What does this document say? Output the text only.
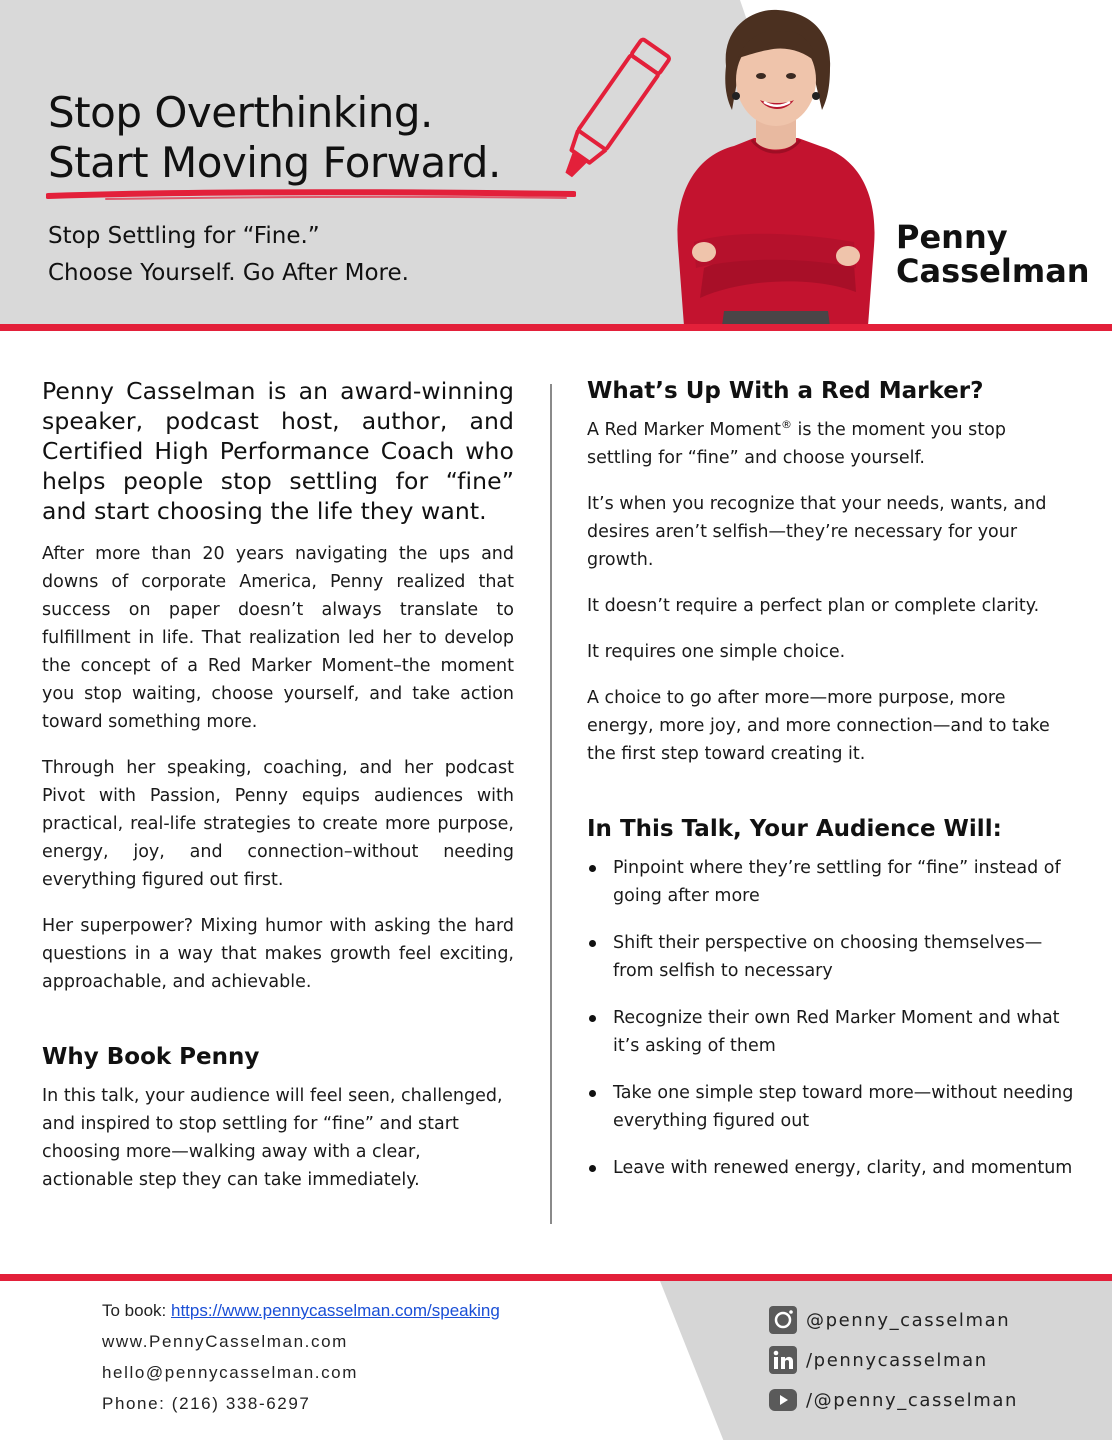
Stop Overthinking.
Start Moving Forward.
Stop Settling for “Fine.”
Choose Yourself. Go After More.
Penny
Casselman

Penny Casselman is an award-winning speaker, podcast host, author, and Certified High Performance Coach who helps people stop settling for “fine” and start choosing the life they want.

After more than 20 years navigating the ups and downs of corporate America, Penny realized that success on paper doesn’t always translate to fulfillment in life. That realization led her to develop the concept of a Red Marker Moment–the moment you stop waiting, choose yourself, and take action toward something more.

Through her speaking, coaching, and her podcast Pivot with Passion, Penny equips audiences with practical, real-life strategies to create more purpose, energy, joy, and connection–without needing everything figured out first.

Her superpower? Mixing humor with asking the hard questions in a way that makes growth feel exciting, approachable, and achievable.

Why Book Penny

In this talk, your audience will feel seen, challenged, and inspired to stop settling for “fine” and start choosing more—walking away with a clear, actionable step they can take immediately.

What’s Up With a Red Marker?

A Red Marker Moment® is the moment you stop settling for “fine” and choose yourself.

It’s when you recognize that your needs, wants, and desires aren’t selfish—they’re necessary for your growth.

It doesn’t require a perfect plan or complete clarity.

It requires one simple choice.

A choice to go after more—more purpose, more energy, more joy, and more connection—and to take the first step toward creating it.

In This Talk, Your Audience Will:
Pinpoint where they’re settling for “fine” instead of going after more
Shift their perspective on choosing themselves—from selfish to necessary
Recognize their own Red Marker Moment and what it’s asking of them
Take one simple step toward more—without needing everything figured out
Leave with renewed energy, clarity, and momentum
To book: https://www.pennycasselman.com/speaking
www.PennyCasselman.com
hello@pennycasselman.com
Phone: (216) 338-6297
@penny_casselman
/pennycasselman
/@penny_casselman
